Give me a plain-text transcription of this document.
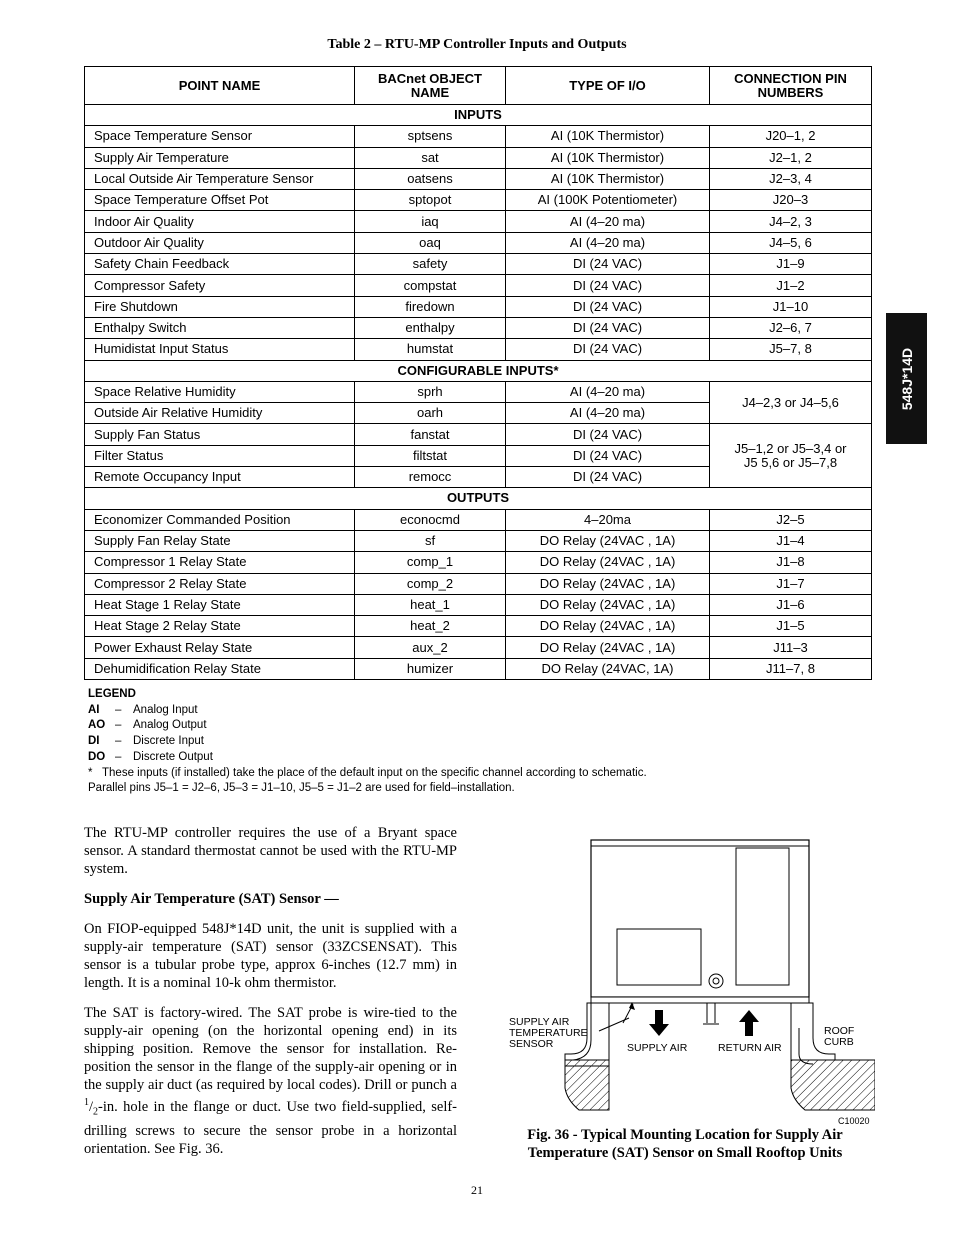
Table 2 – RTU-MP Controller Inputs and Outputs
POINT NAME	BACnet OBJECT NAME	TYPE OF I/O	CONNECTION PIN NUMBERS
INPUTS			
Space Temperature Sensor	sptsens	AI (10K Thermistor)	J20–1, 2
Supply Air Temperature	sat	AI (10K Thermistor)	J2–1, 2
Local Outside Air Temperature Sensor	oatsens	AI (10K Thermistor)	J2–3, 4
Space Temperature Offset Pot	sptopot	AI (100K Potentiometer)	J20–3
Indoor Air Quality	iaq	AI (4–20 ma)	J4–2, 3
Outdoor Air Quality	oaq	AI (4–20 ma)	J4–5, 6
Safety Chain Feedback	safety	DI (24 VAC)	J1–9
Compressor Safety	compstat	DI (24 VAC)	J1–2
Fire Shutdown	firedown	DI (24 VAC)	J1–10
Enthalpy Switch	enthalpy	DI (24 VAC)	J2–6, 7
Humidistat Input Status	humstat	DI (24 VAC)	J5–7, 8
CONFIGURABLE INPUTS*			
Space Relative Humidity	sprh	AI (4–20 ma)	J4–2,3 or J4–5,6
Outside Air Relative Humidity	oarh	AI (4–20 ma)	
Supply Fan Status	fanstat	DI (24 VAC)	J5–1,2 or J5–3,4 or
J5 5,6 or J5–7,8

Filter Status	filtstat	DI (24 VAC)	
Remote Occupancy Input	remocc	DI (24 VAC)	
OUTPUTS			
Economizer Commanded Position	econocmd	4–20ma	J2–5
Supply Fan Relay State	sf	DO Relay (24VAC , 1A)	J1–4
Compressor 1 Relay State	comp_1	DO Relay (24VAC , 1A)	J1–8
Compressor 2 Relay State	comp_2	DO Relay (24VAC , 1A)	J1–7
Heat Stage 1 Relay State	heat_1	DO Relay (24VAC , 1A)	J1–6
Heat Stage 2 Relay State	heat_2	DO Relay (24VAC , 1A)	J1–5
Power Exhaust Relay State	aux_2	DO Relay (24VAC , 1A)	J11–3
Dehumidification Relay State	humizer	DO Relay (24VAC, 1A)	J11–7, 8
LEGEND
AI – Analog Input
AO – Analog Output
DI – Discrete Input
DO – Discrete Output
* These inputs (if installed) take the place of the default input on the specific channel according to schematic.
Parallel pins J5–1 = J2–6, J5–3 = J1–10, J5–5 = J1–2 are used for field–installation.
548J*14D

The RTU-MP controller requires the use of a Bryant space sensor. A standard thermostat cannot be used with the RTU-MP system.

Supply Air Temperature (SAT) Sensor —

On FIOP-equipped 548J*14D unit, the unit is supplied with a supply-air temperature (SAT) sensor (33ZCSENSAT). This sensor is a tubular probe type, approx 6-inches (12.7 mm) in length. It is a nominal 10-k ohm thermistor.

The SAT is factory-wired. The SAT probe is wire-tied to the supply-air opening (on the horizontal opening end) in its shipping position. Remove the sensor for installation. Re-position the sensor in the flange of the supply-air opening or in the supply air duct (as required by local codes). Drill or punch a $^1/_2-in$. hole in the flange or duct. Use two field-supplied, self-drilling screws to secure the sensor probe in a horizontal orientation. See Fig. 36.

SUPPLY AIR
TEMPERATURE
SENSOR	SUPPLY AIR	RETURN AIR
ROOF
CURB
C10020
Fig. 36 - Typical Mounting Location for Supply Air
Temperature (SAT) Sensor on Small Rooftop Units
21
